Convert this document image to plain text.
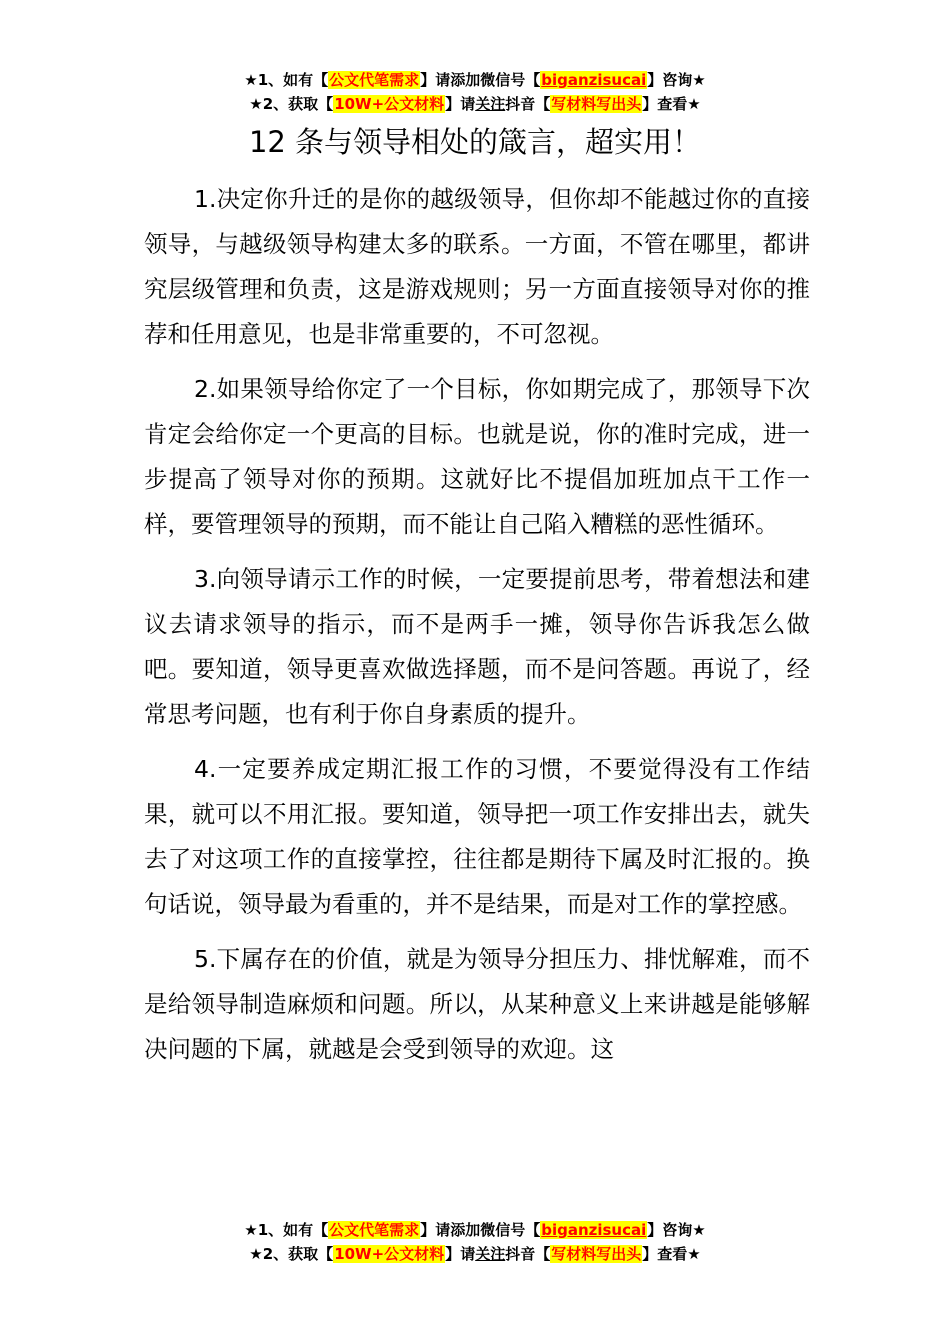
★1、如有【公文代笔需求】请添加微信号【biganzisucai】咨询★
★2、获取【10W+公文材料】请关注抖音【写材料写出头】查看★
12 条与领导相处的箴言，超实用！

1.决定你升迁的是你的越级领导，但你却不能越过你的直接领导，与越级领导构建太多的联系。一方面，不管在哪里，都讲究层级管理和负责，这是游戏规则；另一方面直接领导对你的推荐和任用意见，也是非常重要的，不可忽视。

2.如果领导给你定了一个目标，你如期完成了，那领导下次肯定会给你定一个更高的目标。也就是说，你的准时完成，进一步提高了领导对你的预期。这就好比不提倡加班加点干工作一样，要管理领导的预期，而不能让自己陷入糟糕的恶性循环。

3.向领导请示工作的时候，一定要提前思考，带着想法和建议去请求领导的指示，而不是两手一摊，领导你告诉我怎么做吧。要知道，领导更喜欢做选择题，而不是问答题。再说了，经常思考问题，也有利于你自身素质的提升。

4.一定要养成定期汇报工作的习惯，不要觉得没有工作结果，就可以不用汇报。要知道，领导把一项工作安排出去，就失去了对这项工作的直接掌控，往往都是期待下属及时汇报的。换句话说，领导最为看重的，并不是结果，而是对工作的掌控感。

5.下属存在的价值，就是为领导分担压力、排忧解难，而不是给领导制造麻烦和问题。所以，从某种意义上来讲越是能够解决问题的下属，就越是会受到领导的欢迎。这

★1、如有【公文代笔需求】请添加微信号【biganzisucai】咨询★
★2、获取【10W+公文材料】请关注抖音【写材料写出头】查看★
